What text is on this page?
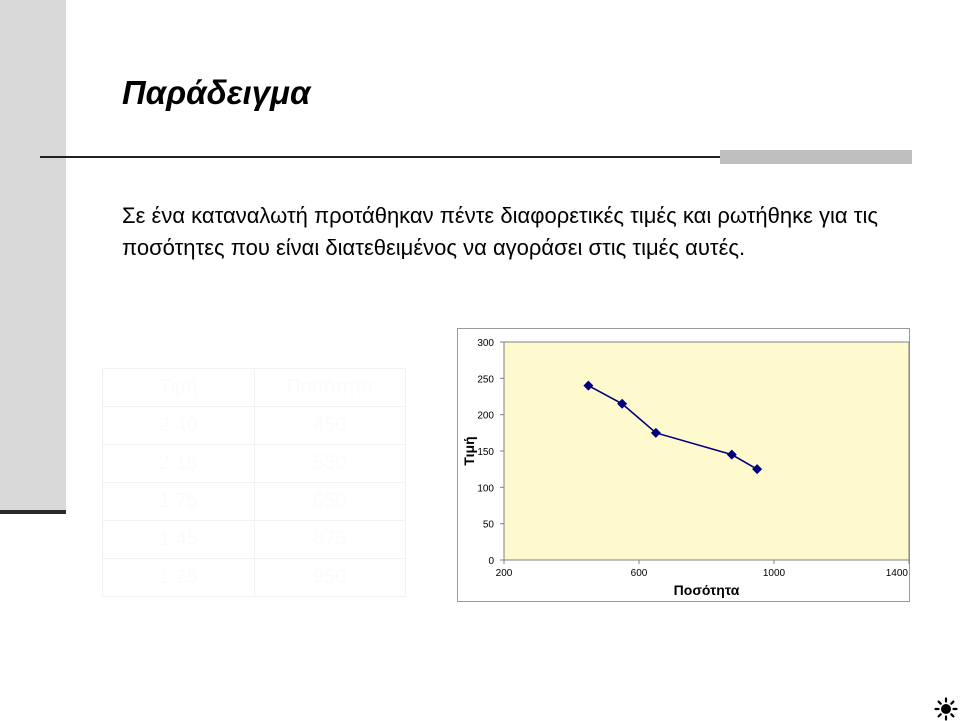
Παράδειγμα

Σε ένα καταναλωτή προτάθηκαν πέντε διαφορετικές τιμές και ρωτήθηκε για τις ποσότητες που είναι διατεθειμένος να αγοράσει στις τιμές αυτές.

Τιμή	Ποσότητα
2.40	450
2.15	550
1.75	650
1.45	875
1.25	950
0
50
100
150
200
250
300
200	600	1000	1400
Ποσότητα
Τιμή
